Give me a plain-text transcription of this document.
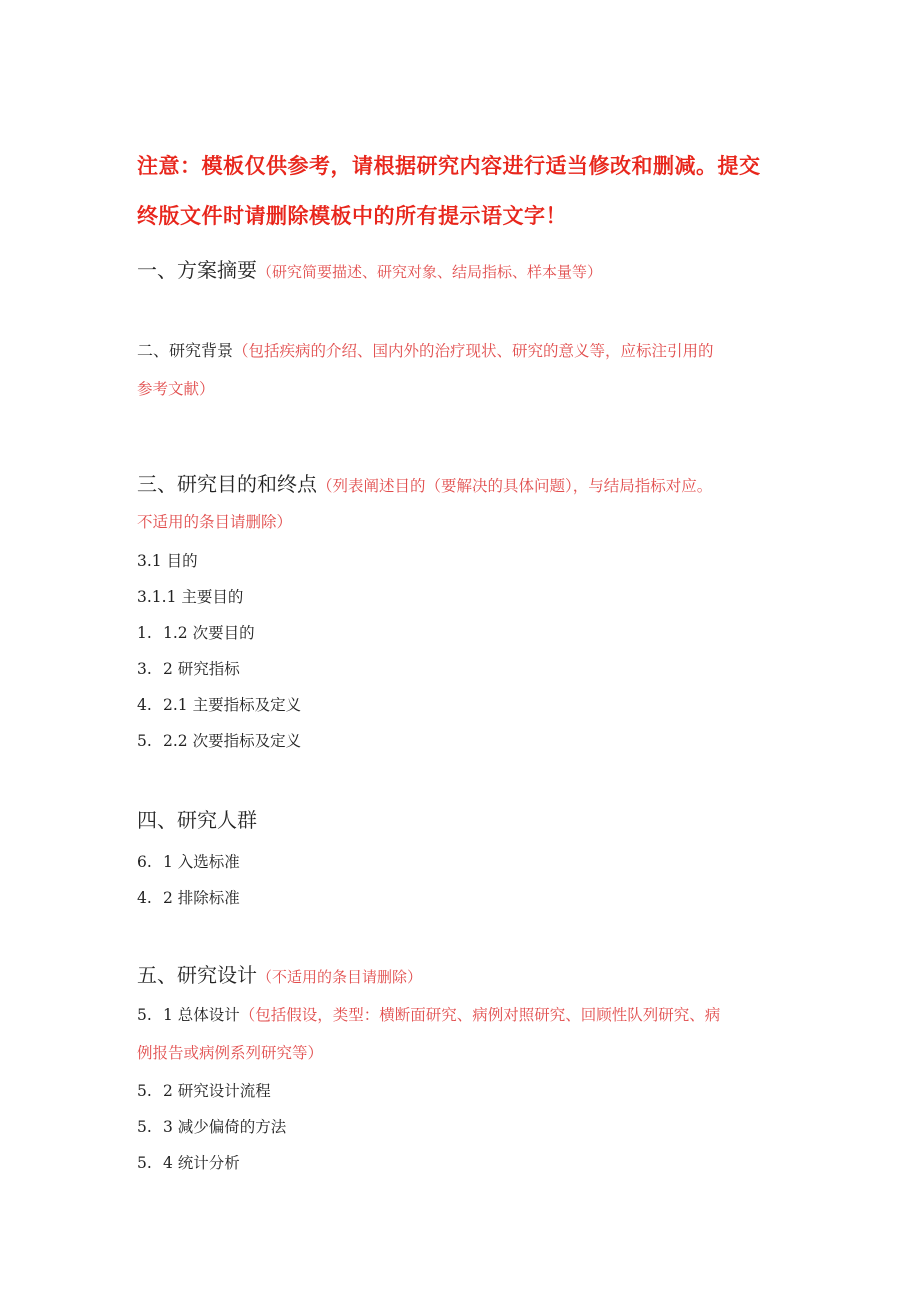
注意：模板仅供参考，请根据研究内容进行适当修改和删减。提交
终版文件时请删除模板中的所有提示语文字！
一、方案摘要（研究简要描述、研究对象、结局指标、样本量等）
二、研究背景（包括疾病的介绍、国内外的治疗现状、研究的意义等，应标注引用的
参考文献）
三、研究目的和终点（列表阐述目的（要解决的具体问题），与结局指标对应。
不适用的条目请删除）
3.1 目的
3.1.1 主要目的
1. 1.2 次要目的
3. 2 研究指标
4. 2.1 主要指标及定义
5. 2.2 次要指标及定义
四、研究人群
6. 1 入选标准
4. 2 排除标准
五、研究设计（不适用的条目请删除）
5. 1 总体设计（包括假设，类型：横断面研究、病例对照研究、回顾性队列研究、病
例报告或病例系列研究等）
5. 2 研究设计流程
5. 3 减少偏倚的方法
5. 4 统计分析
